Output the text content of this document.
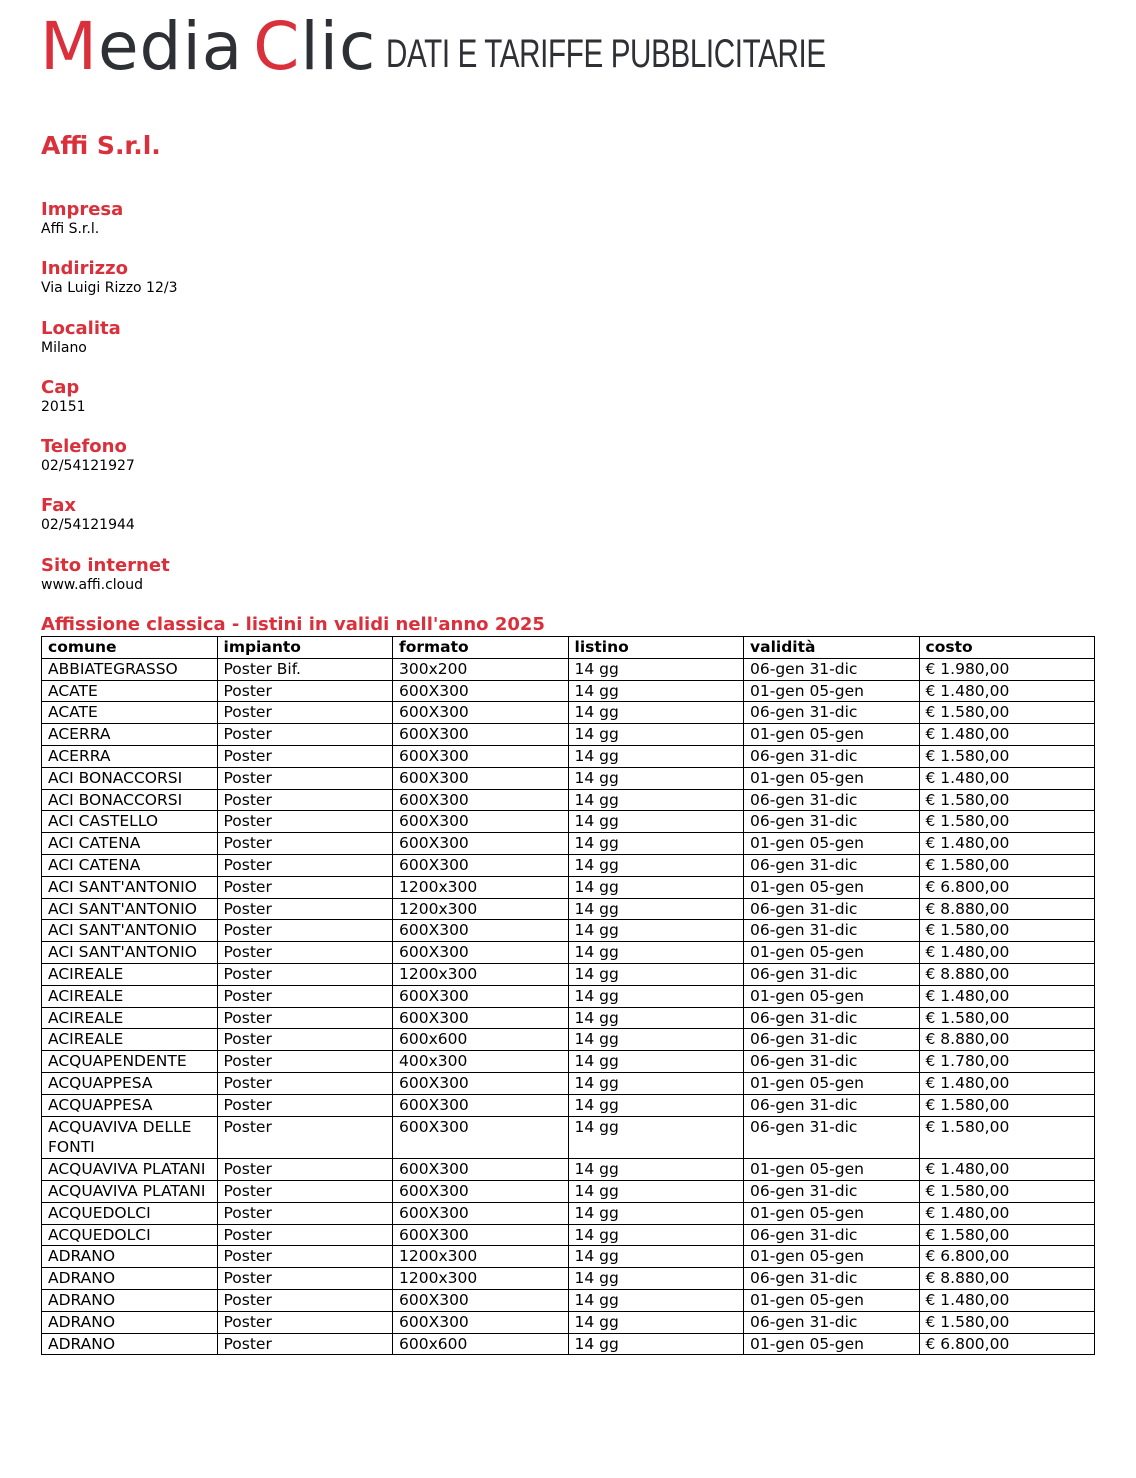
Media Clic DATI E TARIFFE PUBBLICITARIE
Affi S.r.l.
Impresa
Affi S.r.l.
Indirizzo
Via Luigi Rizzo 12/3
Localita
Milano
Cap
20151
Telefono
02/54121927
Fax
02/54121944
Sito internet
www.affi.cloud
Affissione classica - listini in validi nell'anno 2025
comune	impianto	formato	listino	validità	costo
ABBIATEGRASSO	Poster Bif.	300x200	14 gg	06-gen 31-dic	€ 1.980,00
ACATE	Poster	600X300	14 gg	01-gen 05-gen	€ 1.480,00
ACATE	Poster	600X300	14 gg	06-gen 31-dic	€ 1.580,00
ACERRA	Poster	600X300	14 gg	01-gen 05-gen	€ 1.480,00
ACERRA	Poster	600X300	14 gg	06-gen 31-dic	€ 1.580,00
ACI BONACCORSI	Poster	600X300	14 gg	01-gen 05-gen	€ 1.480,00
ACI BONACCORSI	Poster	600X300	14 gg	06-gen 31-dic	€ 1.580,00
ACI CASTELLO	Poster	600X300	14 gg	06-gen 31-dic	€ 1.580,00
ACI CATENA	Poster	600X300	14 gg	01-gen 05-gen	€ 1.480,00
ACI CATENA	Poster	600X300	14 gg	06-gen 31-dic	€ 1.580,00
ACI SANT'ANTONIO	Poster	1200x300	14 gg	01-gen 05-gen	€ 6.800,00
ACI SANT'ANTONIO	Poster	1200x300	14 gg	06-gen 31-dic	€ 8.880,00
ACI SANT'ANTONIO	Poster	600X300	14 gg	06-gen 31-dic	€ 1.580,00
ACI SANT'ANTONIO	Poster	600X300	14 gg	01-gen 05-gen	€ 1.480,00
ACIREALE	Poster	1200x300	14 gg	06-gen 31-dic	€ 8.880,00
ACIREALE	Poster	600X300	14 gg	01-gen 05-gen	€ 1.480,00
ACIREALE	Poster	600X300	14 gg	06-gen 31-dic	€ 1.580,00
ACIREALE	Poster	600x600	14 gg	06-gen 31-dic	€ 8.880,00
ACQUAPENDENTE	Poster	400x300	14 gg	06-gen 31-dic	€ 1.780,00
ACQUAPPESA	Poster	600X300	14 gg	01-gen 05-gen	€ 1.480,00
ACQUAPPESA	Poster	600X300	14 gg	06-gen 31-dic	€ 1.580,00
ACQUAVIVA DELLE FONTI	Poster	600X300	14 gg	06-gen 31-dic	€ 1.580,00
ACQUAVIVA PLATANI	Poster	600X300	14 gg	01-gen 05-gen	€ 1.480,00
ACQUAVIVA PLATANI	Poster	600X300	14 gg	06-gen 31-dic	€ 1.580,00
ACQUEDOLCI	Poster	600X300	14 gg	01-gen 05-gen	€ 1.480,00
ACQUEDOLCI	Poster	600X300	14 gg	06-gen 31-dic	€ 1.580,00
ADRANO	Poster	1200x300	14 gg	01-gen 05-gen	€ 6.800,00
ADRANO	Poster	1200x300	14 gg	06-gen 31-dic	€ 8.880,00
ADRANO	Poster	600X300	14 gg	01-gen 05-gen	€ 1.480,00
ADRANO	Poster	600X300	14 gg	06-gen 31-dic	€ 1.580,00
ADRANO	Poster	600x600	14 gg	01-gen 05-gen	€ 6.800,00
